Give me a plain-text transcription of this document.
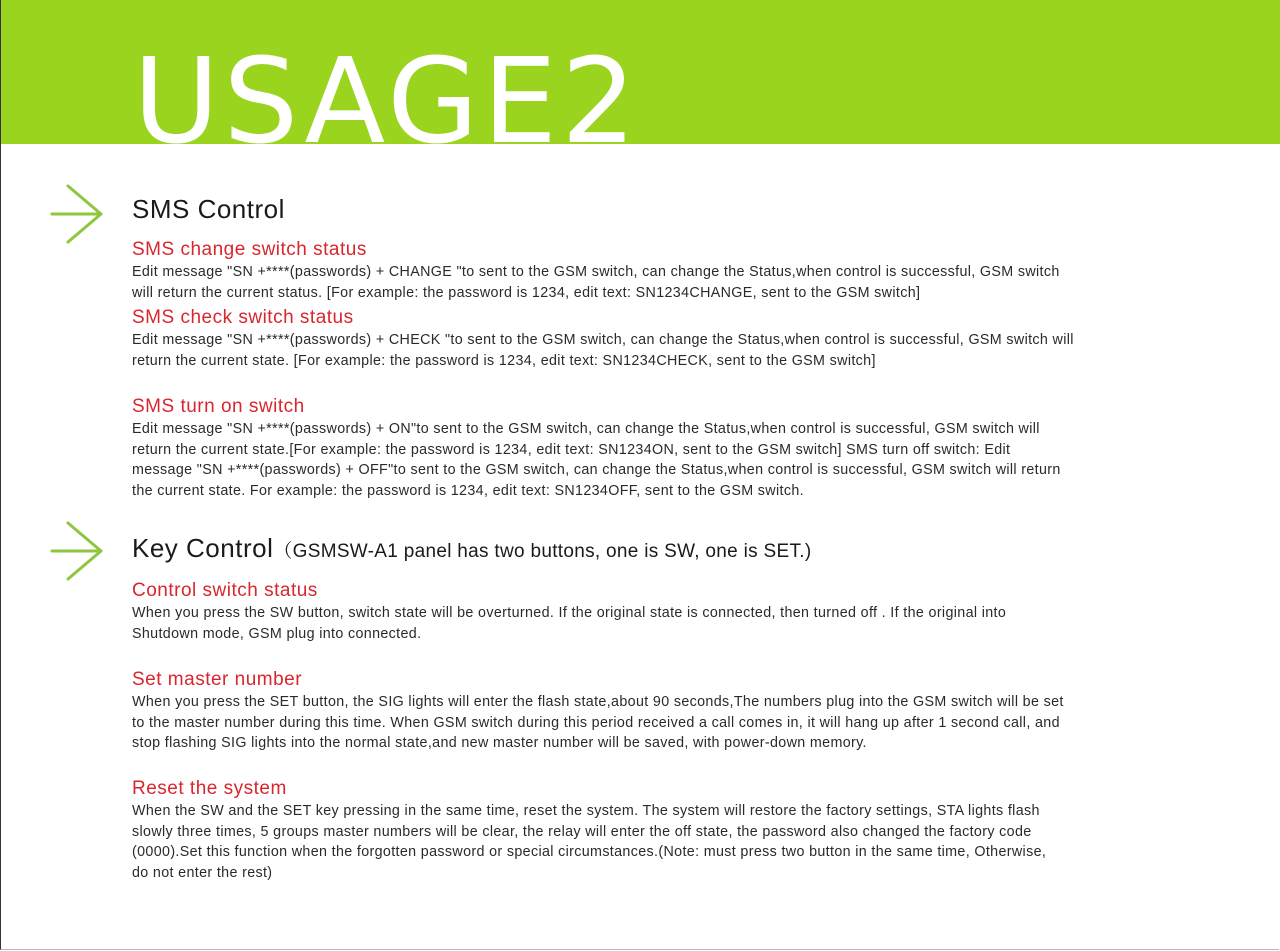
USAGE2
SMS Control
SMS change switch status

Edit message "SN +****(passwords) + CHANGE "to sent to the GSM switch, can change the Status,when control is successful, GSM switch
will return the current status. [For example: the password is 1234, edit text: SN1234CHANGE, sent to the GSM switch]

SMS check switch status

Edit message "SN +****(passwords) + CHECK "to sent to the GSM switch, can change the Status,when control is successful, GSM switch will
return the current state. [For example: the password is 1234, edit text: SN1234CHECK, sent to the GSM switch]

SMS turn on switch

Edit message "SN +****(passwords) + ON"to sent to the GSM switch, can change the Status,when control is successful, GSM switch will
return the current state.[For example: the password is 1234, edit text: SN1234ON, sent to the GSM switch] SMS turn off switch: Edit
message "SN +****(passwords) + OFF"to sent to the GSM switch, can change the Status,when control is successful, GSM switch will return
the current state. For example: the password is 1234, edit text: SN1234OFF, sent to the GSM switch.

Key Control（GSMSW-A1 panel has two buttons, one is SW, one is SET.)
Control switch status

When you press the SW button, switch state will be overturned. If the original state is connected, then turned off . If the original into
Shutdown mode, GSM plug into connected.

Set master number

When you press the SET button, the SIG lights will enter the flash state,about 90 seconds,The numbers plug into the GSM switch will be set
to the master number during this time. When GSM switch during this period received a call comes in, it will hang up after 1 second call, and
stop flashing SIG lights into the normal state,and new master number will be saved, with power-down memory.

Reset the system

When the SW and the SET key pressing in the same time, reset the system. The system will restore the factory settings, STA lights flash
slowly three times, 5 groups master numbers will be clear, the relay will enter the off state, the password also changed the factory code
(0000).Set this function when the forgotten password or special circumstances.(Note: must press two button in the same time, Otherwise,
do not enter the rest)
